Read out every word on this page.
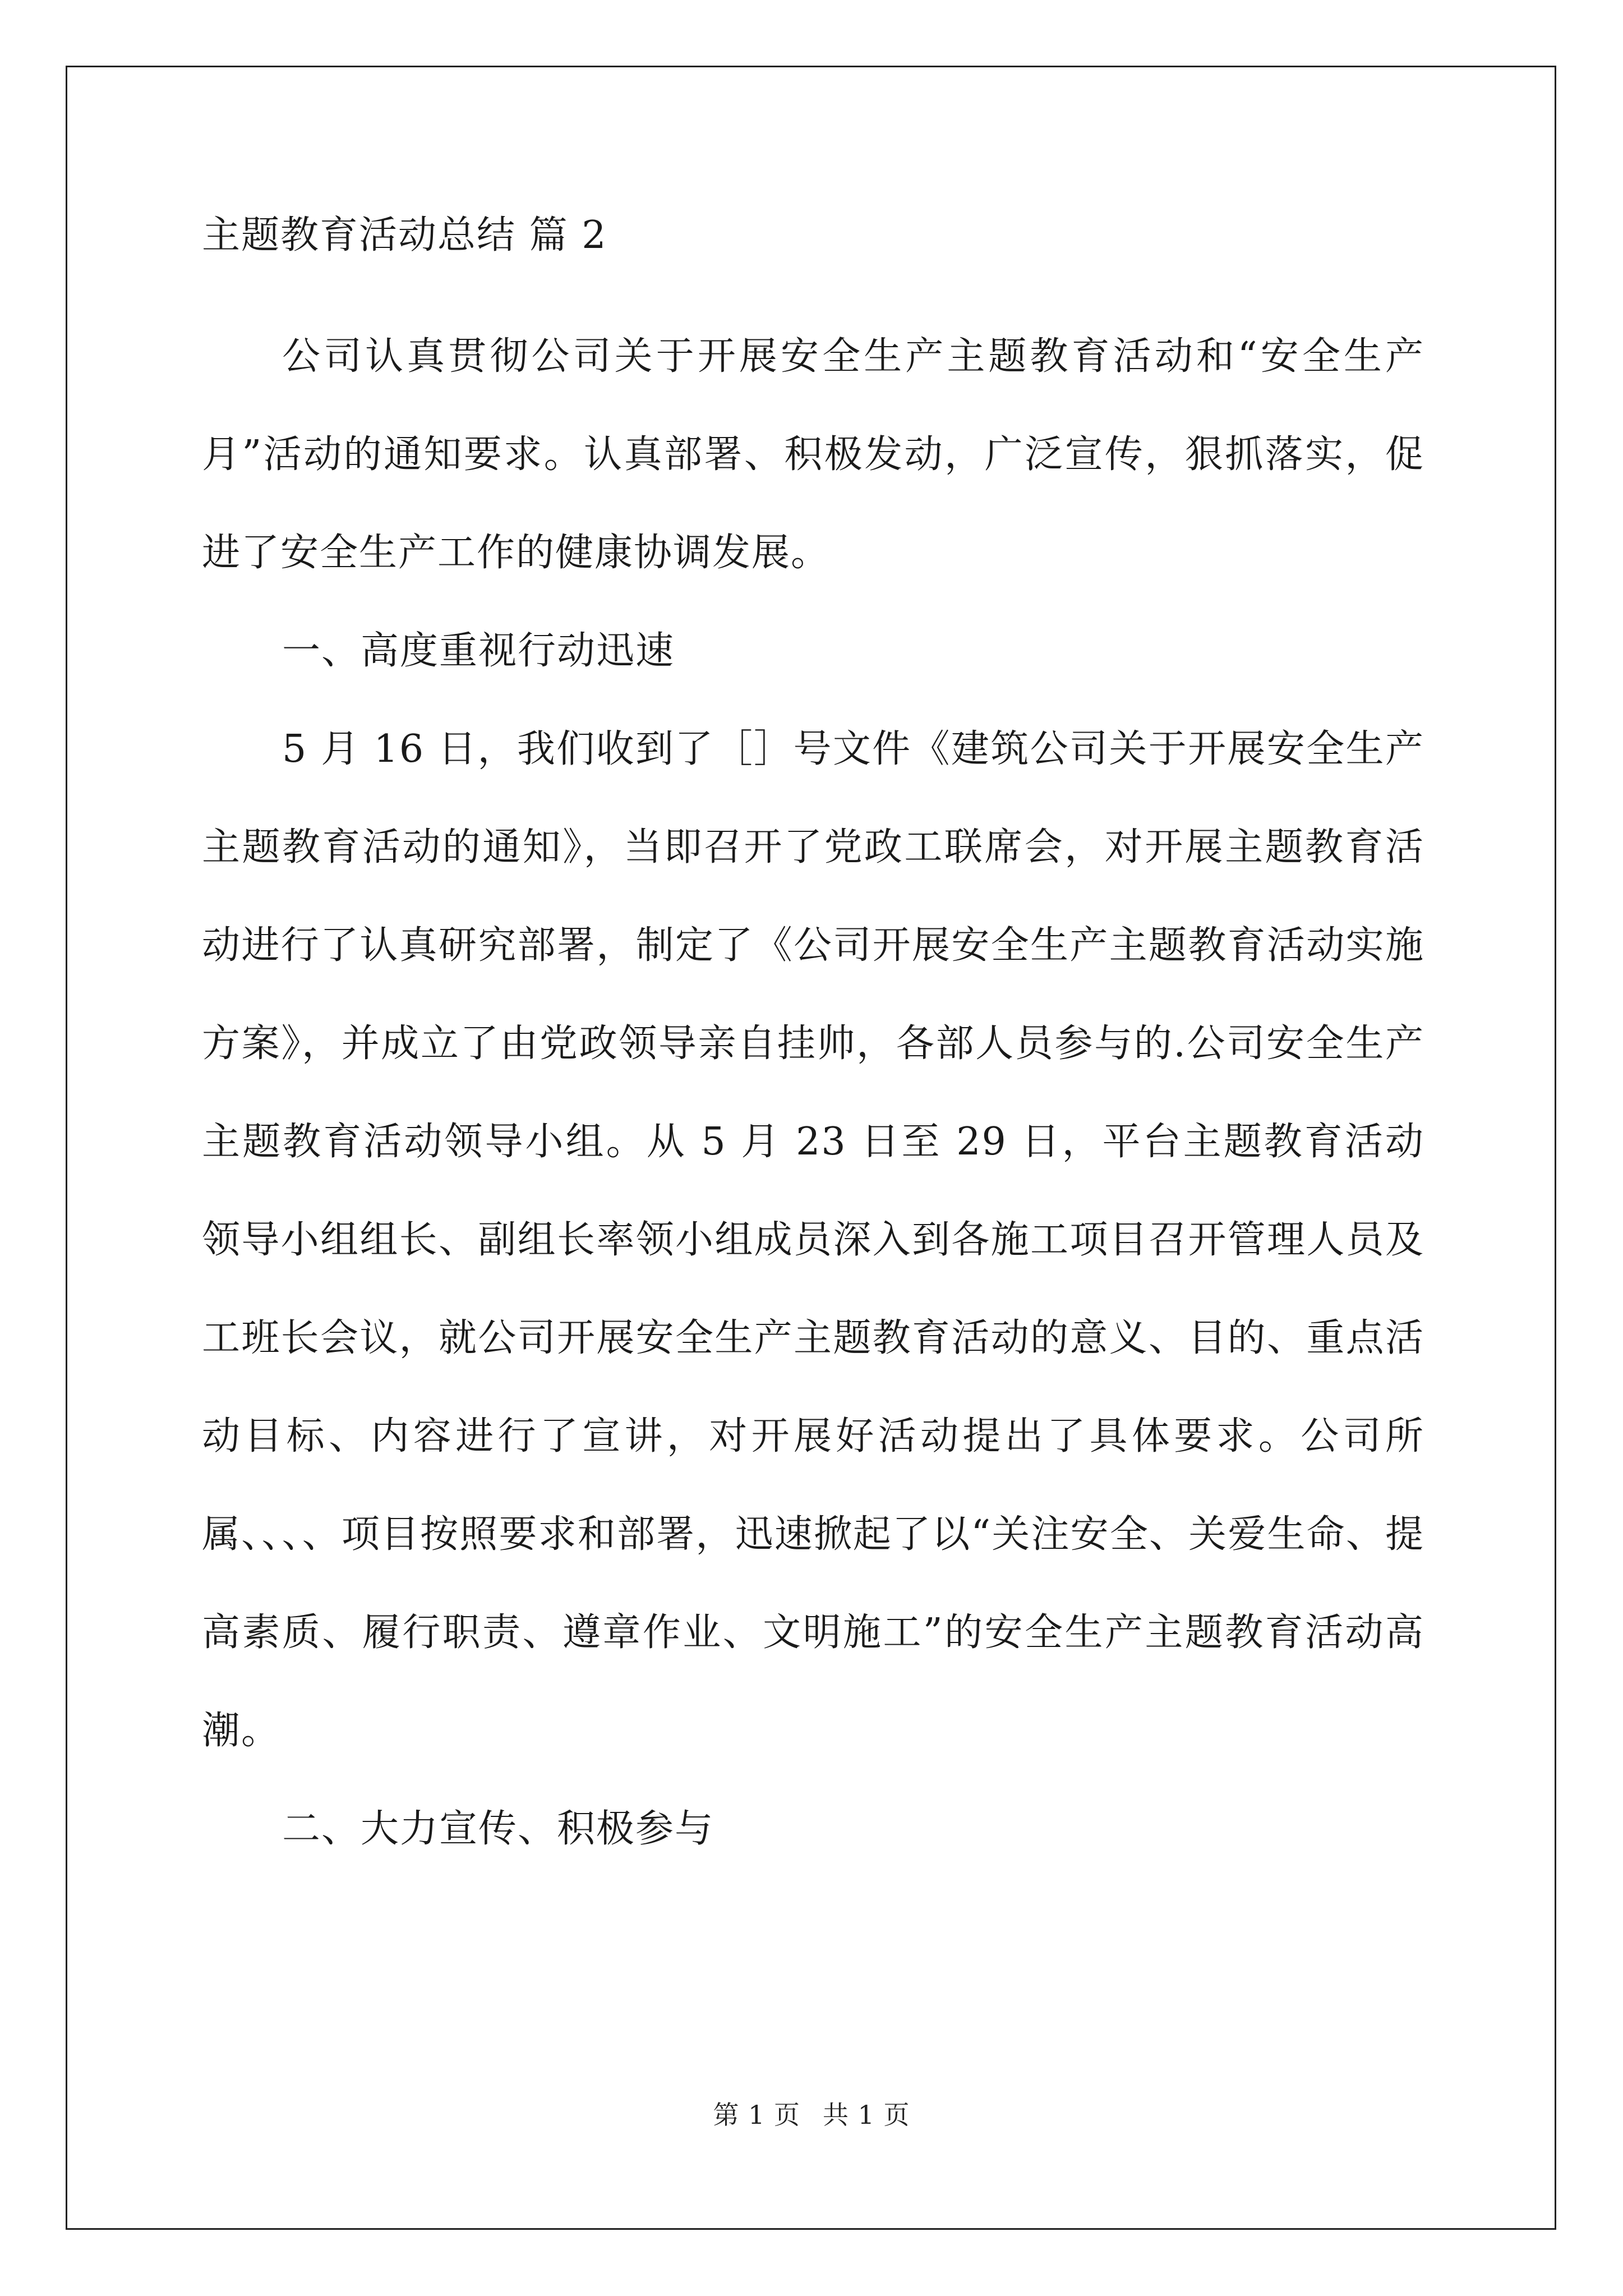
主题教育活动总结 篇 2

公司认真贯彻公司关于开展安全生产主题教育活动和“安全生产月”活动的通知要求。认真部署、积极发动，广泛宣传，狠抓落实，促进了安全生产工作的健康协调发展。

一、高度重视行动迅速

5 月 16 日，我们收到了［］号文件《建筑公司关于开展安全生产主题教育活动的通知》，当即召开了党政工联席会，对开展主题教育活动进行了认真研究部署，制定了《公司开展安全生产主题教育活动实施方案》，并成立了由党政领导亲自挂帅，各部人员参与的.公司安全生产主题教育活动领导小组。从 5 月 23 日至 29 日，平台主题教育活动领导小组组长、副组长率领小组成员深入到各施工项目召开管理人员及工班长会议，就公司开展安全生产主题教育活动的意义、目的、重点活动目标、内容进行了宣讲，对开展好活动提出了具体要求。公司所属、、、、项目按照要求和部署，迅速掀起了以“关注安全、关爱生命、提高素质、履行职责、遵章作业、文明施工”的安全生产主题教育活动高潮。

二、大力宣传、积极参与

第 1 页 共 1 页
